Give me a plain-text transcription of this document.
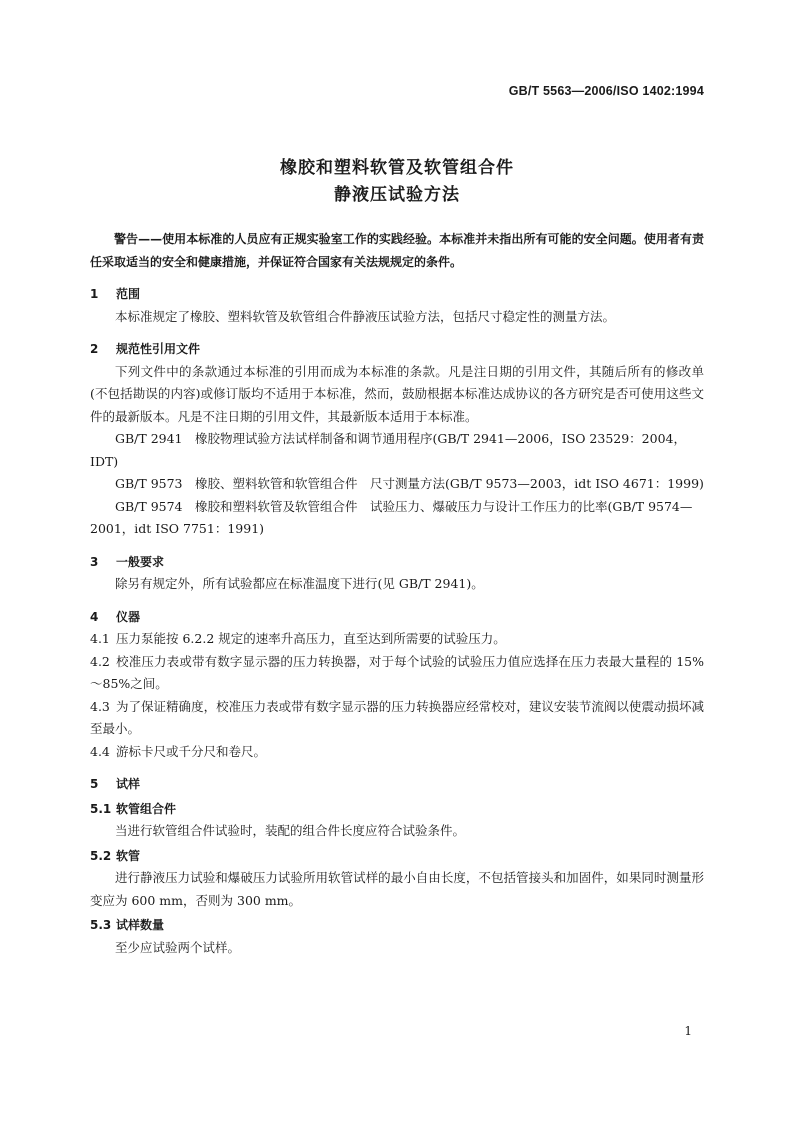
GB/T 5563—2006/ISO 1402:1994
橡胶和塑料软管及软管组合件
静液压试验方法

警告——使用本标准的人员应有正规实验室工作的实践经验。本标准并未指出所有可能的安全问题。使用者有责任采取适当的安全和健康措施，并保证符合国家有关法规规定的条件。

1 范围

本标准规定了橡胶、塑料软管及软管组合件静液压试验方法，包括尺寸稳定性的测量方法。

2 规范性引用文件

下列文件中的条款通过本标准的引用而成为本标准的条款。凡是注日期的引用文件，其随后所有的修改单(不包括勘误的内容)或修订版均不适用于本标准，然而，鼓励根据本标准达成协议的各方研究是否可使用这些文件的最新版本。凡是不注日期的引用文件，其最新版本适用于本标准。

GB/T 2941　橡胶物理试验方法试样制备和调节通用程序(GB/T 2941—2006，ISO 23529：2004，IDT)

GB/T 9573　橡胶、塑料软管和软管组合件　尺寸测量方法(GB/T 9573—2003，idt ISO 4671：1999)

GB/T 9574　橡胶和塑料软管及软管组合件　试验压力、爆破压力与设计工作压力的比率(GB/T 9574—2001，idt ISO 7751：1991)

3 一般要求

除另有规定外，所有试验都应在标准温度下进行(见 GB/T 2941)。

4 仪器

4.1 压力泵能按 6.2.2 规定的速率升高压力，直至达到所需要的试验压力。

4.2 校准压力表或带有数字显示器的压力转换器，对于每个试验的试验压力值应选择在压力表最大量程的 15%～85%之间。

4.3 为了保证精确度，校准压力表或带有数字显示器的压力转换器应经常校对，建议安装节流阀以使震动损坏减至最小。

4.4 游标卡尺或千分尺和卷尺。

5 试样

5.1 软管组合件

当进行软管组合件试验时，装配的组合件长度应符合试验条件。

5.2 软管

进行静液压力试验和爆破压力试验所用软管试样的最小自由长度，不包括管接头和加固件，如果同时测量形变应为 600 mm，否则为 300 mm。

5.3 试样数量

至少应试验两个试样。

1
